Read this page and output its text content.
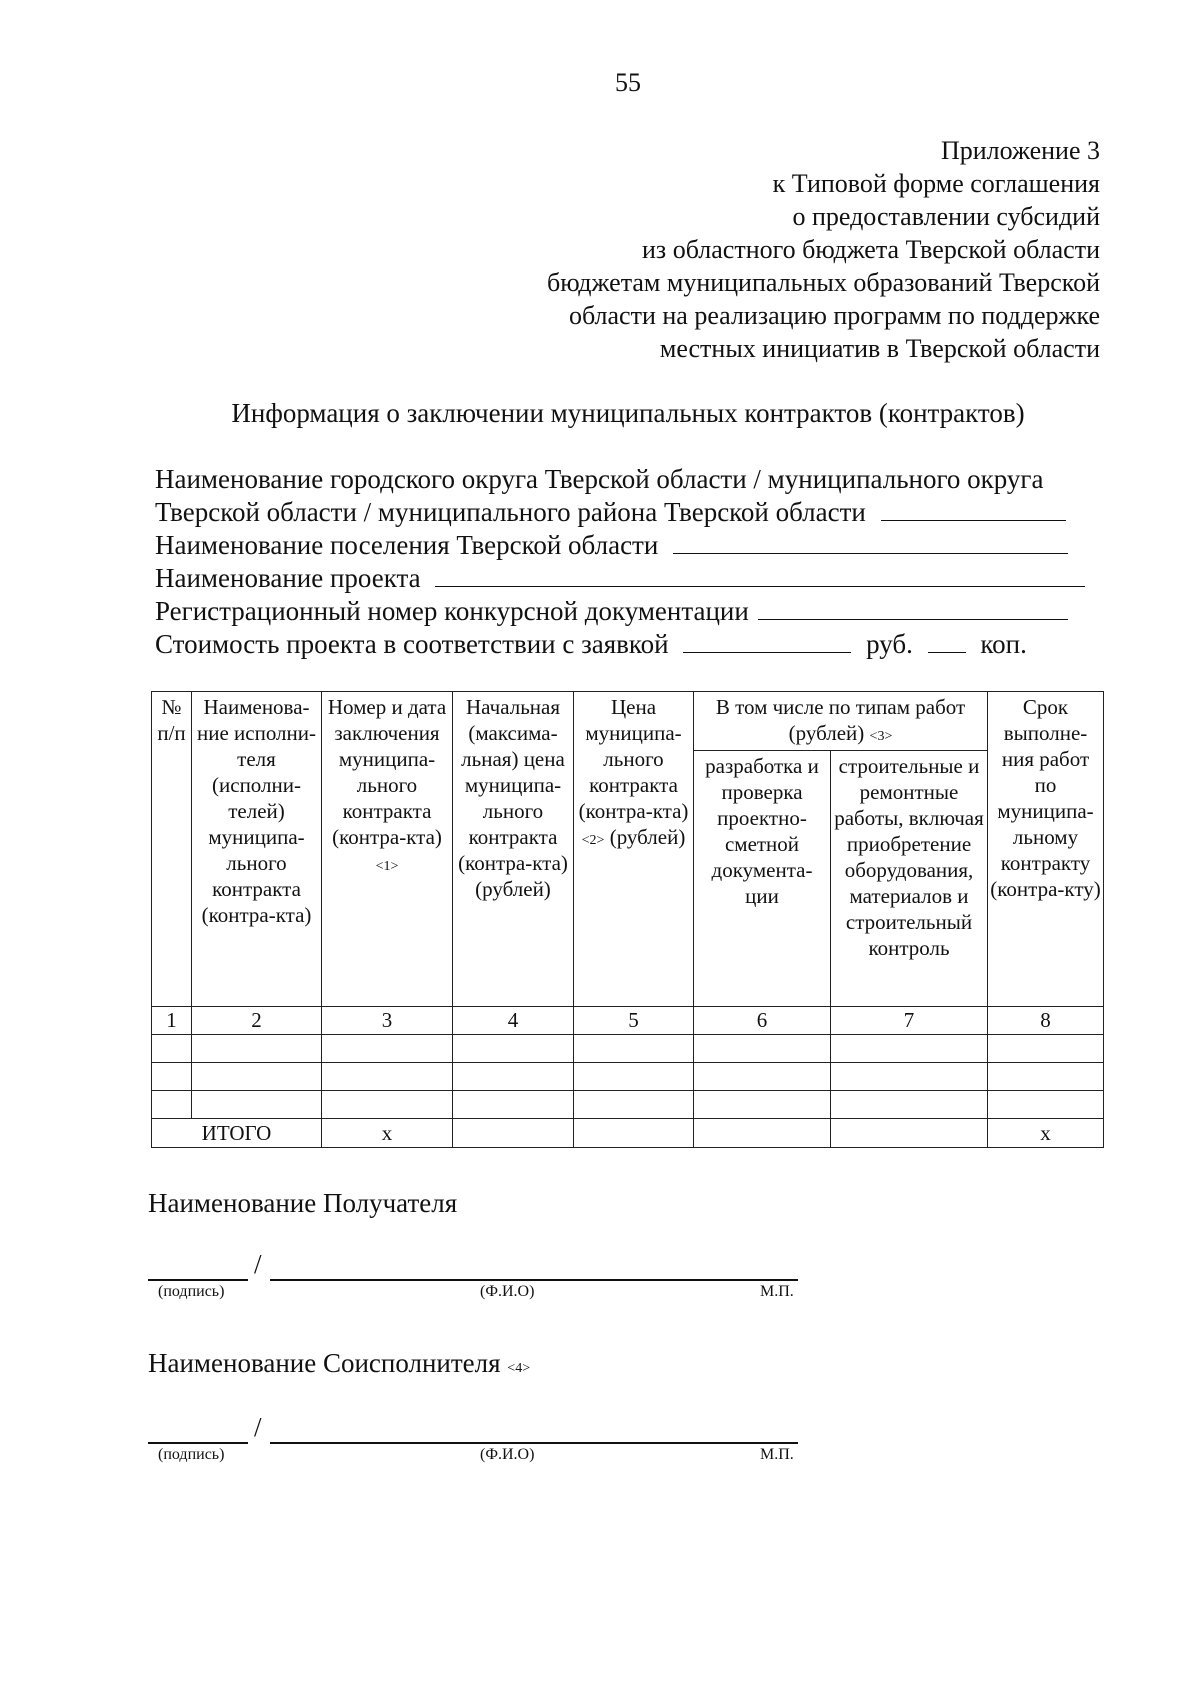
55
Приложение 3
к Типовой форме соглашения
о предоставлении субсидий
из областного бюджета Тверской области
бюджетам муниципальных образований Тверской
области на реализацию программ по поддержке
местных инициатив в Тверской области
Информация о заключении муниципальных контрактов (контрактов)
Наименование городского округа Тверской области / муниципального округа
Тверской области / муниципального района Тверской области
Наименование поселения Тверской области
Наименование проекта
Регистрационный номер конкурсной документации
Стоимость проекта в соответствии с заявкой	руб.	коп.
№ п/п	Наименова-ние исполни-теля (исполни-телей) муниципа-льного контракта (контра-кта)	Номер и дата заключения муниципа-льного контракта (контра-кта) <1>	Начальная (максима-льная) цена муниципа-льного контракта (контра-кта) (рублей)	Цена муниципа-льного контракта (контра-кта) <2> (рублей)	В том числе по типам работ (рублей) <3>		Срок выполне-ния работ по муниципа-льному контракту (контра-кту)
					разработка и проверка проектно-сметной документа-ции	строительные и ремонтные работы, включая приобретение оборудования, материалов и строительный контроль	
1	2	3	4	5	6	7	8

ИТОГО		х					х
Наименование Получателя
/
(подпись)	(Ф.И.О)	М.П.
Наименование Соисполнителя <4>
/
(подпись)	(Ф.И.О)	М.П.
